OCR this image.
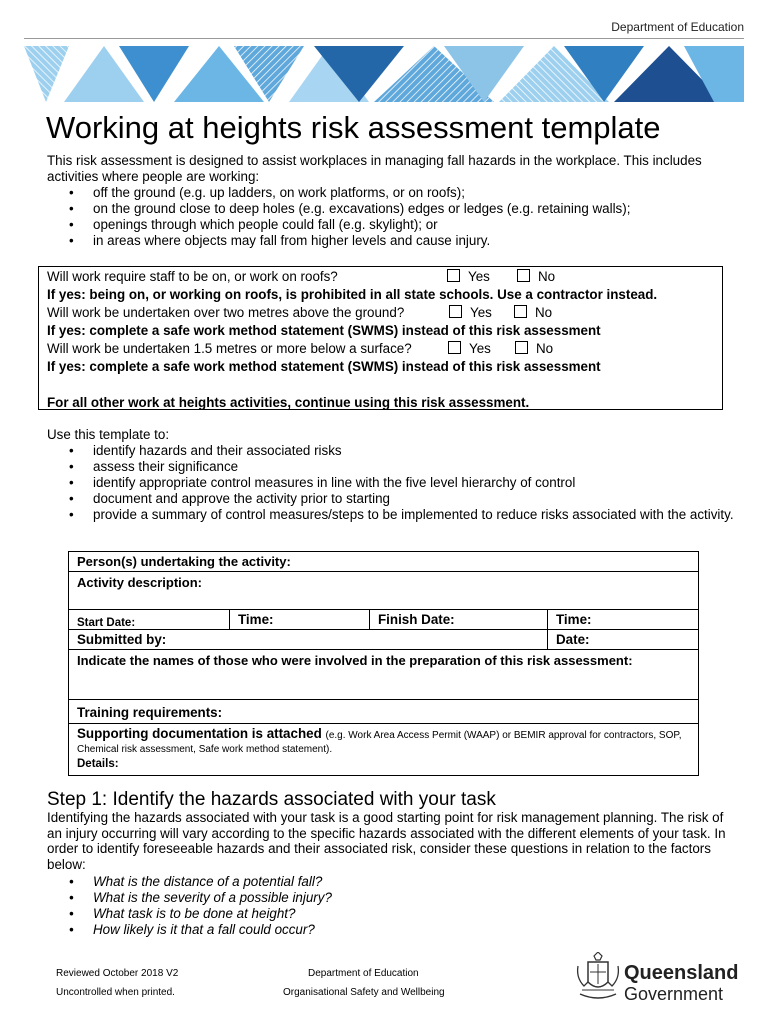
Department of Education
Working at heights risk assessment template
This risk assessment is designed to assist workplaces in managing fall hazards in the workplace. This includes activities where people are working:
• off the ground (e.g. up ladders, on work platforms, or on roofs);
• on the ground close to deep holes (e.g. excavations) edges or ledges (e.g. retaining walls);
• openings through which people could fall (e.g. skylight); or
• in areas where objects may fall from higher levels and cause injury.
Will work require staff to be on, or work on roofs?	Yes	No
If yes: being on, or working on roofs, is prohibited in all state schools. Use a contractor instead.
Will work be undertaken over two metres above the ground?	Yes	No
If yes: complete a safe work method statement (SWMS) instead of this risk assessment
Will work be undertaken 1.5 metres or more below a surface?	Yes	No
If yes: complete a safe work method statement (SWMS) instead of this risk assessment
For all other work at heights activities, continue using this risk assessment.
Use this template to:
• identify hazards and their associated risks
• assess their significance
• identify appropriate control measures in line with the five level hierarchy of control
• document and approve the activity prior to starting
• provide a summary of control measures/steps to be implemented to reduce risks associated with the activity.
Person(s) undertaking the activity:
Activity description:
Start Date:	Time:	Finish Date:	Time:
Submitted by:	Date:
Indicate the names of those who were involved in the preparation of this risk assessment:
Training requirements:
Supporting documentation is attached (e.g. Work Area Access Permit (WAAP) or BEMIR approval for contractors, SOP, Chemical risk assessment, Safe work method statement).
Details:
Step 1: Identify the hazards associated with your task
Identifying the hazards associated with your task is a good starting point for risk management planning. The risk of an injury occurring will vary according to the specific hazards associated with the different elements of your task. In order to identify foreseeable hazards and their associated risk, consider these questions in relation to the factors below:
• What is the distance of a potential fall?
• What is the severity of a possible injury?
• What task is to be done at height?
• How likely is it that a fall could occur?
Reviewed October 2018 V2
Uncontrolled when printed.
Department of Education
Organisational Safety and Wellbeing
Queensland
Government
